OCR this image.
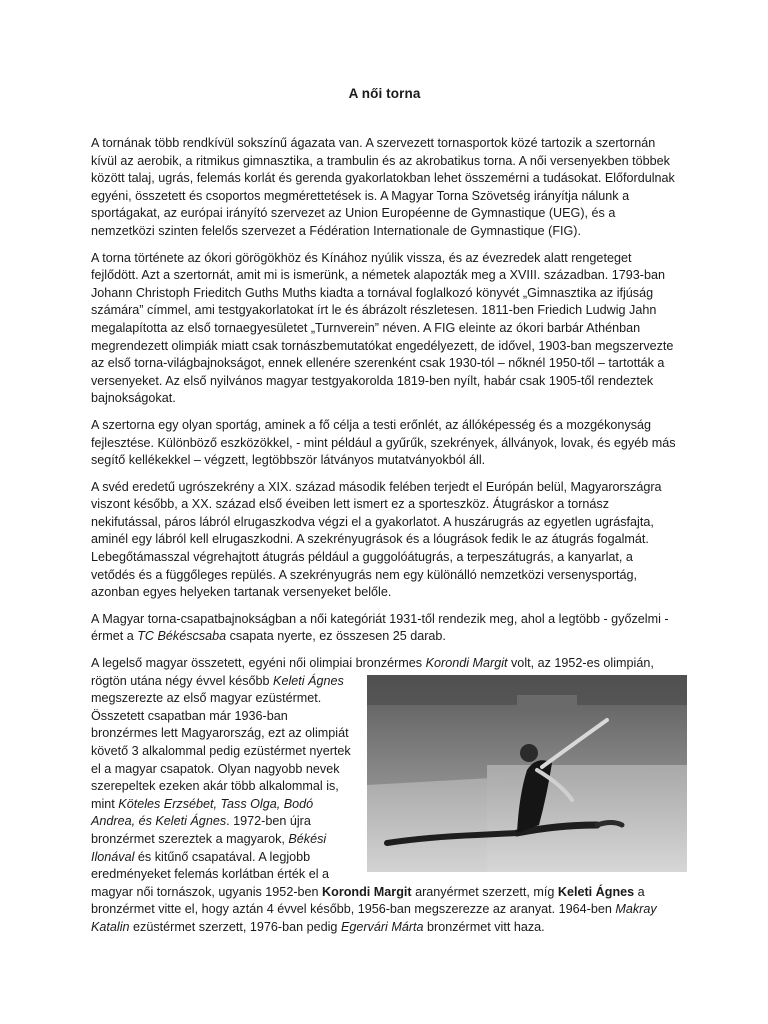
A női torna

A tornának több rendkívül sokszínű ágazata van. A szervezett tornasportok közé tartozik a szertornán kívül az aerobik, a ritmikus gimnasztika, a trambulin és az akrobatikus torna. A női versenyekben többek között talaj, ugrás, felemás korlát és gerenda gyakorlatokban lehet összemérni a tudásokat. Előfordulnak egyéni, összetett és csoportos megmérettetések is. A Magyar Torna Szövetség irányítja nálunk a sportágakat, az európai irányító szervezet az Union Européenne de Gymnastique (UEG), és a nemzetközi szinten felelős szervezet a Fédération Internationale de Gymnastique (FIG).

A torna története az ókori görögökhöz és Kínához nyúlik vissza, és az évezredek alatt rengeteget fejlődött. Azt a szertornát, amit mi is ismerünk, a németek alapozták meg a XVIII. században. 1793-ban Johann Christoph Frieditch Guths Muths kiadta a tornával foglalkozó könyvét „Gimnasztika az ifjúság számára” címmel, ami testgyakorlatokat írt le és ábrázolt részletesen. 1811-ben Friedich Ludwig Jahn megalapította az első tornaegyesületet „Turnverein” néven. A FIG eleinte az ókori barbár Athénban megrendezett olimpiák miatt csak tornászbemutatókat engedélyezett, de idővel, 1903-ban megszervezte az első torna-világbajnokságot, ennek ellenére szerenként csak 1930-tól – nőknél 1950-től – tartották a versenyeket. Az első nyilvános magyar testgyakorolda 1819-ben nyílt, habár csak 1905-től rendeztek bajnokságokat.

A szertorna egy olyan sportág, aminek a fő célja a testi erőnlét, az állóképesség és a mozgékonyság fejlesztése. Különböző eszközökkel, - mint például a gyűrűk, szekrények, állványok, lovak, és egyéb más segítő kellékekkel – végzett, legtöbbször látványos mutatványokból áll.

A svéd eredetű ugrószekrény a XIX. század második felében terjedt el Európán belül, Magyarországra viszont később, a XX. század első éveiben lett ismert ez a sporteszköz. Átugráskor a tornász nekifutással, páros lábról elrugaszkodva végzi el a gyakorlatot. A huszárugrás az egyetlen ugrásfajta, aminél egy lábról kell elrugaszkodni. A szekrényugrások és a lóugrások fedik le az átugrás fogalmát. Lebegőtámasszal végrehajtott átugrás például a guggolóátugrás, a terpeszátugrás, a kanyarlat, a vetődés és a függőleges repülés. A szekrényugrás nem egy különálló nemzetközi versenysportág, azonban egyes helyeken tartanak versenyeket belőle.

A Magyar torna-csapatbajnokságban a női kategóriát 1931-től rendezik meg, ahol a legtöbb - győzelmi - érmet a TC Békéscsaba csapata nyerte, ez összesen 25 darab.

A legelső magyar összetett, egyéni női olimpiai bronzérmes Korondi Margit volt, az 1952-es olimpián, rögtön utána négy évvel később Keleti Ágnes
megszerezte az első magyar ezüstérmet. Összetett csapatban már 1936-ban bronzérmes lett Magyarország, ezt az olimpiát követő 3 alkalommal pedig ezüstérmet nyertek el a magyar csapatok. Olyan nagyobb nevek szerepeltek ezeken akár több alkalommal is, mint Köteles Erzsébet, Tass Olga, Bodó Andrea, és Keleti Ágnes. 1972-ben újra bronzérmet szereztek a magyarok, Békési Ilonával és kitűnő csapatával. A legjobb eredményeket felemás korlátban érték el a magyar női tornászok, ugyanis 1952-ben Korondi Margit aranyérmet szerzett, míg Keleti Ágnes a bronzérmet vitte el, hogy aztán 4 évvel később, 1956-ban megszerezze az aranyat. 1964-ben Makray Katalin ezüstérmet szerzett, 1976-ban pedig Egervári Márta bronzérmet vitt haza.
